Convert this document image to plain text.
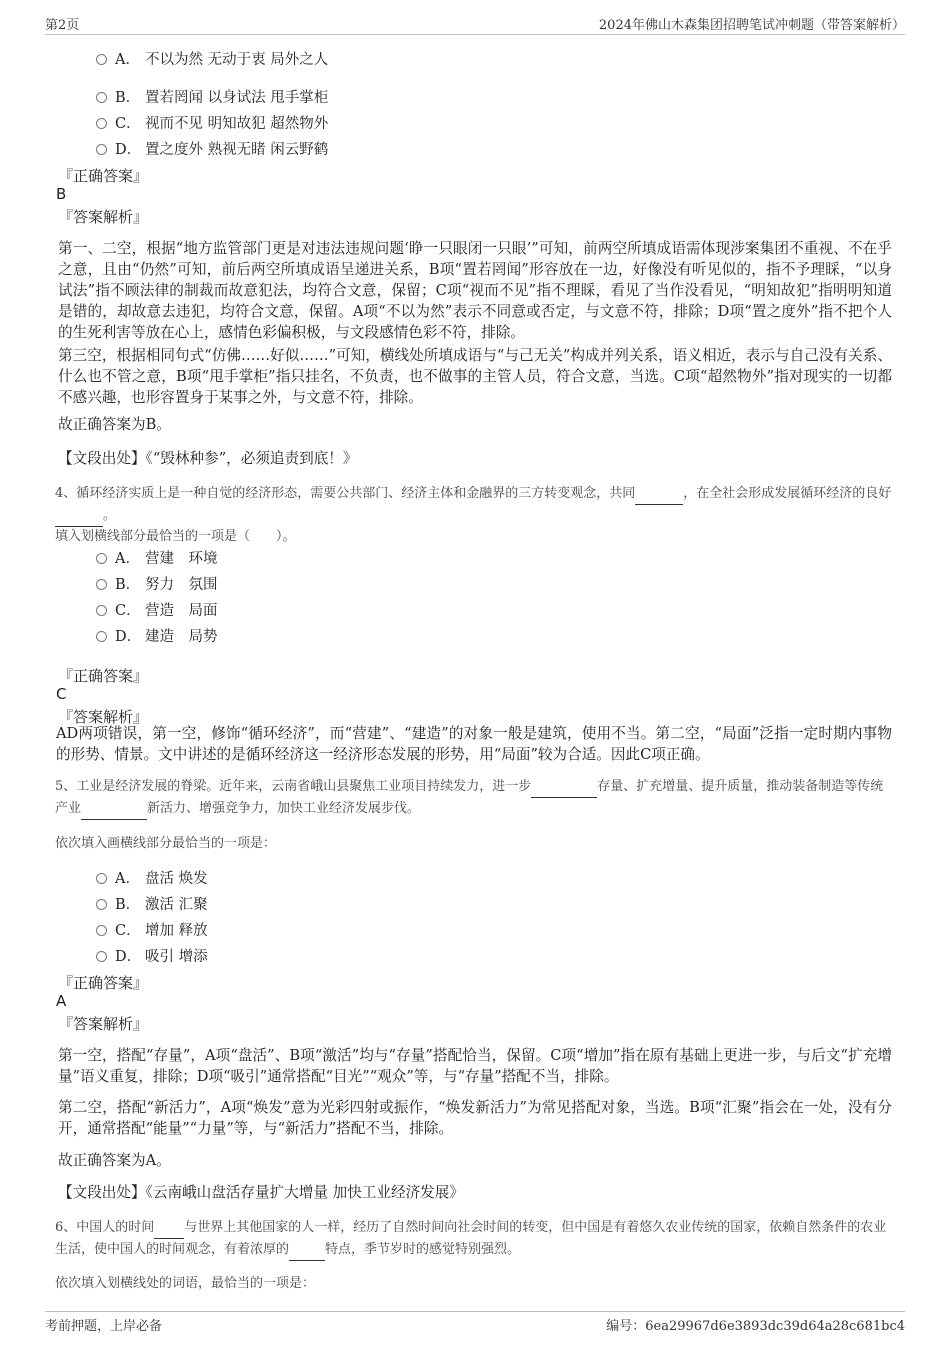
第2页	2024年佛山木森集团招聘笔试冲刺题（带答案解析）
A． 不以为然 无动于衷 局外之人
B． 置若罔闻 以身试法 甩手掌柜
C． 视而不见 明知故犯 超然物外
D． 置之度外 熟视无睹 闲云野鹤
『正确答案』
B
『答案解析』
第一、二空，根据“地方监管部门更是对违法违规问题‘睁一只眼闭一只眼’”可知，前两空所填成语需体现涉案集团不重视、不在乎之意，且由“仍然”可知，前后两空所填成语呈递进关系，B项“置若罔闻”形容放在一边，好像没有听见似的，指不予理睬，“以身试法”指不顾法律的制裁而故意犯法，均符合文意，保留；C项“视而不见”指不理睬，看见了当作没看见，“明知故犯”指明明知道是错的，却故意去违犯，均符合文意，保留。A项“不以为然”表示不同意或否定，与文意不符，排除；D项“置之度外”指不把个人的生死利害等放在心上，感情色彩偏积极，与文段感情色彩不符，排除。
第三空，根据相同句式“仿佛……好似……”可知，横线处所填成语与“与己无关”构成并列关系，语义相近，表示与自己没有关系、什么也不管之意，B项“甩手掌柜”指只挂名，不负责，也不做事的主管人员，符合文意，当选。C项“超然物外”指对现实的一切都不感兴趣，也形容置身于某事之外，与文意不符，排除。
故正确答案为B。
【文段出处】《“毁林种参”，必须追责到底！》
4、循环经济实质上是一种自觉的经济形态，需要公共部门、经济主体和金融界的三方转变观念，共同	，在全社会形成发展循环经济的良好。
填入划横线部分最恰当的一项是（　　）。
A． 营建　环境
B． 努力　氛围
C． 营造　局面
D． 建造　局势
『正确答案』
C
『答案解析』
AD两项错误，第一空，修饰“循环经济”，而“营建”、“建造”的对象一般是建筑，使用不当。第二空，“局面”泛指一定时期内事物的形势、情景。文中讲述的是循环经济这一经济形态发展的形势，用“局面”较为合适。因此C项正确。
5、工业是经济发展的脊梁。近年来，云南省峨山县聚焦工业项目持续发力，进一步	存量、扩充增量、提升质量，推动装备制造等传统产业	新活力、增强竞争力，加快工业经济发展步伐。
依次填入画横线部分最恰当的一项是：
A． 盘活 焕发
B． 激活 汇聚
C． 增加 释放
D． 吸引 增添
『正确答案』
A
『答案解析』
第一空，搭配“存量”，A项“盘活”、B项“激活”均与“存量”搭配恰当，保留。C项“增加”指在原有基础上更进一步，与后文“扩充增量”语义重复，排除；D项“吸引”通常搭配“目光”“观众”等，与“存量”搭配不当，排除。
第二空，搭配“新活力”，A项“焕发”意为光彩四射或振作，“焕发新活力”为常见搭配对象，当选。B项“汇聚”指会在一处，没有分开，通常搭配“能量”“力量”等，与“新活力”搭配不当，排除。
故正确答案为A。
【文段出处】《云南峨山盘活存量扩大增量 加快工业经济发展》
6、中国人的时间 与世界上其他国家的人一样，经历了自然时间向社会时间的转变，但中国是有着悠久农业传统的国家，依赖自然条件的农业生活，使中国人的时间观念，有着浓厚的	特点，季节岁时的感觉特别强烈。
依次填入划横线处的词语，最恰当的一项是：
考前押题，上岸必备	编号：6ea29967d6e3893dc39d64a28c681bc4
